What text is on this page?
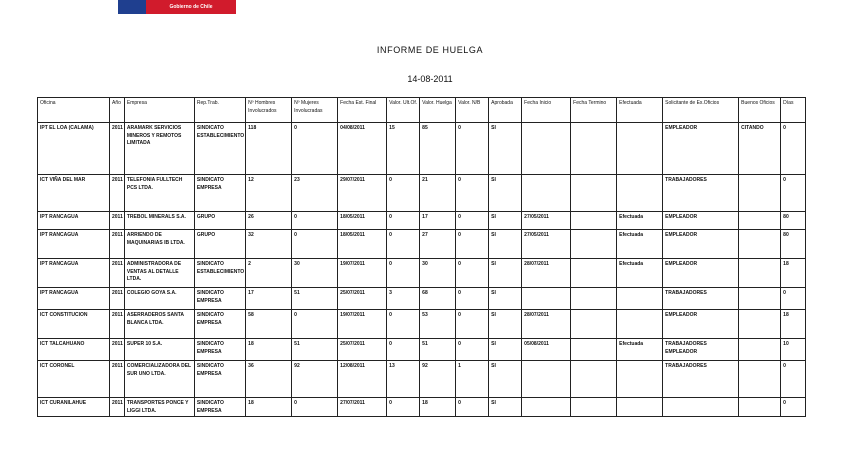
Gobierno de Chile
INFORME DE HUELGA
14-08-2011
Oficina	Año	Empresa	Rep.Trab.	Nº Hombres Involucrados	Nº Mujeres Involucradas	Fecha Est. Final	Valor. Ult.Of.	Valor. Huelga	Valor. N/B	Aprobada	Fecha Inicio	Fecha Termino	Efectuada	Solicitante de Ex.Oficios	Buenos Oficios	Días
IPT EL LOA (CALAMA)	2011	ARAMARK SERVICIOS MINEROS Y REMOTOS LIMITADA	SINDICATO ESTABLECIMIENTO	118	0	04/08/2011	15	85	0	SI				EMPLEADOR	CITANDO	0
ICT VIÑA DEL MAR	2011	TELEFONIA FULLTECH PCS LTDA.	SINDICATO EMPRESA	12	23	29/07/2011	0	21	0	SI				TRABAJADORES		0
IPT RANCAGUA	2011	TREBOL MINERALS S.A.	GRUPO	26	0	18/05/2011	0	17	0	SI	27/05/2011		Efectuada	EMPLEADOR		80
IPT RANCAGUA	2011	ARRIENDO DE MAQUINARIAS IB LTDA.	GRUPO	32	0	18/05/2011	0	27	0	SI	27/05/2011		Efectuada	EMPLEADOR		80
IPT RANCAGUA	2011	ADMINISTRADORA DE VENTAS AL DETALLE LTDA.	SINDICATO ESTABLECIMIENTO	2	30	19/07/2011	0	30	0	SI	28/07/2011		Efectuada	EMPLEADOR		18
IPT RANCAGUA	2011	COLEGIO GOYA S.A.	SINDICATO EMPRESA	17	51	25/07/2011	3	68	0	SI				TRABAJADORES		0
ICT CONSTITUCION	2011	ASERRADEROS SANTA BLANCA LTDA.	SINDICATO EMPRESA	58	0	19/07/2011	0	53	0	SI	28/07/2011			EMPLEADOR		18
ICT TALCAHUANO	2011	SUPER 10 S.A.	SINDICATO EMPRESA	18	51	25/07/2011	0	51	0	SI	05/08/2011		Efectuada	TRABAJADORES EMPLEADOR		10
ICT CORONEL	2011	COMERCIALIZADORA DEL SUR UNO LTDA.	SINDICATO EMPRESA	36	92	12/08/2011	13	92	1	SI				TRABAJADORES		0
ICT CURANILAHUE	2011	TRANSPORTES PONCE Y LIGGI LTDA.	SINDICATO EMPRESA	18	0	27/07/2011	0	18	0	SI						0
